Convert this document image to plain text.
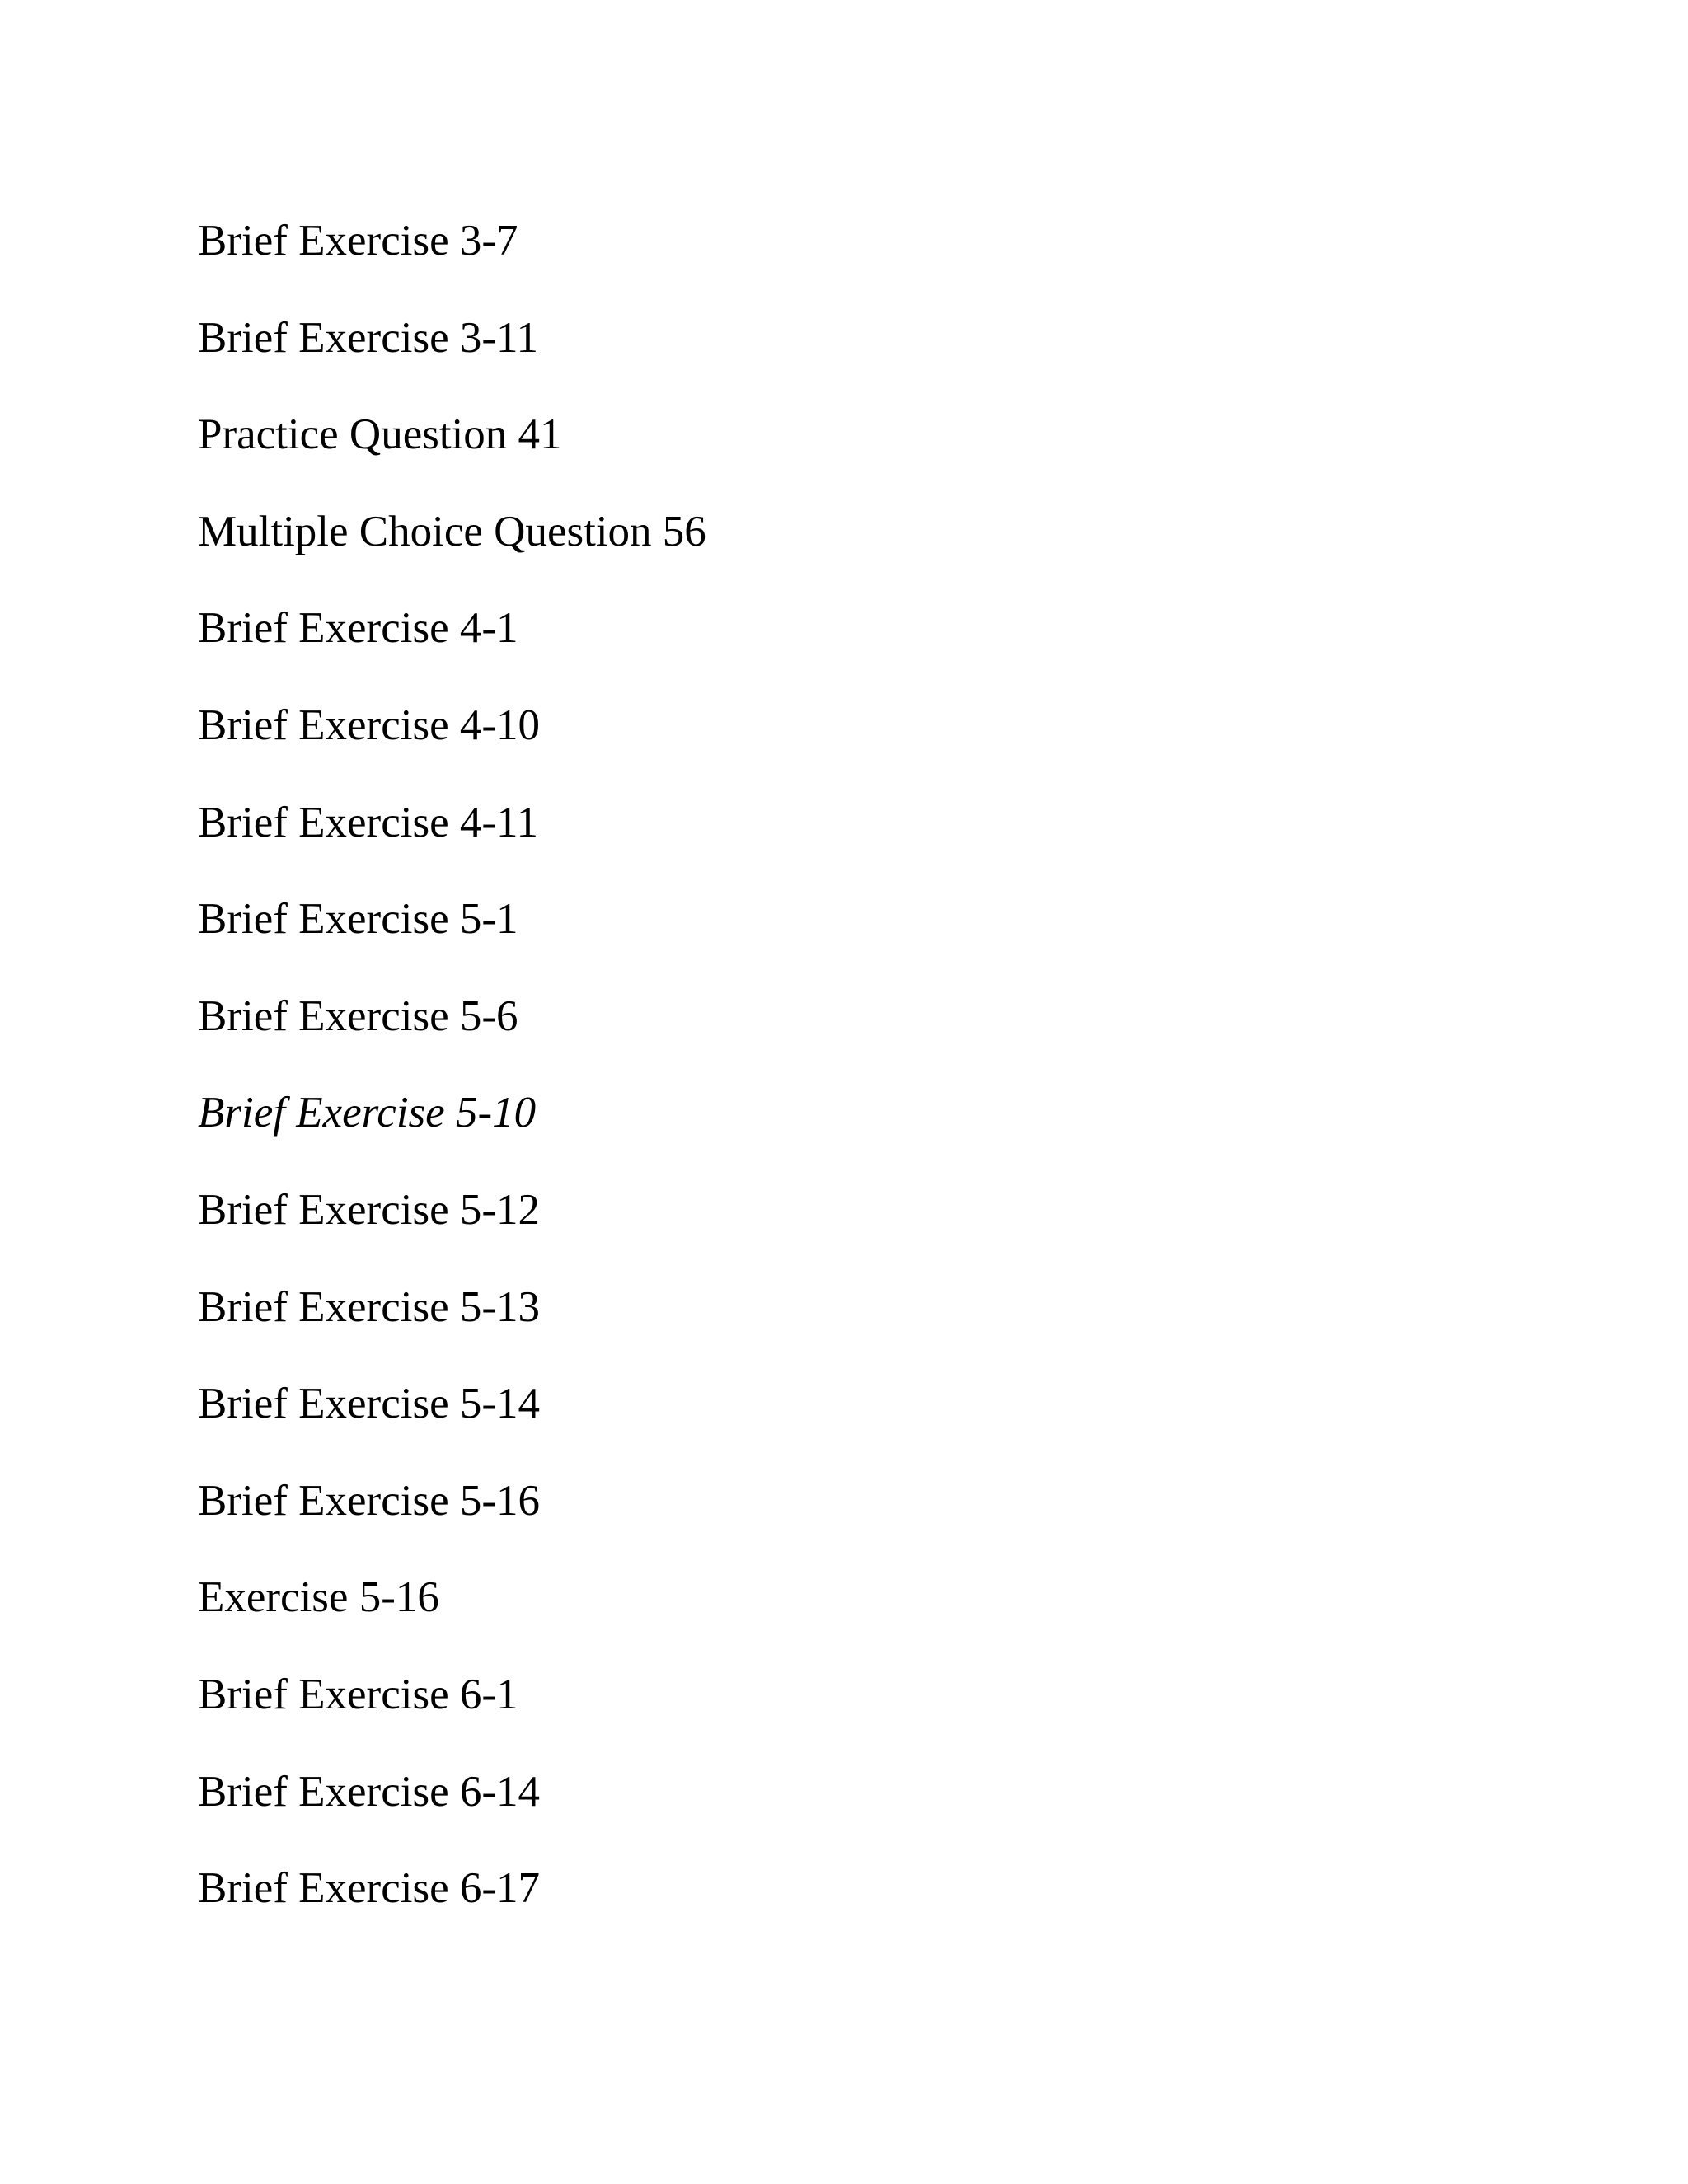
Brief Exercise 3-7
Brief Exercise 3-11
Practice Question 41
Multiple Choice Question 56
Brief Exercise 4-1
Brief Exercise 4-10
Brief Exercise 4-11
Brief Exercise 5-1
Brief Exercise 5-6
Brief Exercise 5-10
Brief Exercise 5-12
Brief Exercise 5-13
Brief Exercise 5-14
Brief Exercise 5-16
Exercise 5-16
Brief Exercise 6-1
Brief Exercise 6-14
Brief Exercise 6-17
